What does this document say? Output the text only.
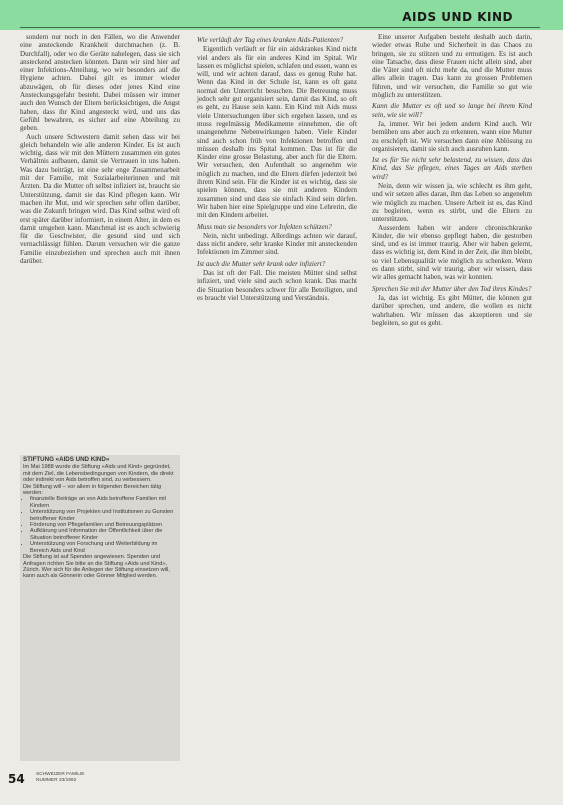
AIDS UND KIND

sondern nur noch in den Fällen, wo die Anwender eine ansteckende Krankheit durchmachen (z. B. Durchfall), oder wo die Geräte nahelegen, dass sie sich ansteckend anstecken könnten. Dann wir sind hier auf einer Infektions-Abteilung, wo wir besonders auf die Hygiene achten. Dabei gilt es immer wieder abzuwägen, ob für dieses oder jenes Kind eine Ansteckungsgefahr besteht. Dabei müssen wir immer auch den Wunsch der Eltern berücksichtigen, die Angst haben, dass ihr Kind angesteckt wird, und uns das Gefühl bewahren, es sicher auf eine Abteilung zu geben.

Auch unsere Schwestern damit sehen dass wir bei gleich behandeln wie alle anderen Kinder. Es ist auch wichtig, dass wir mit den Müttern zusammen ein gutes Verhältnis aufbauen, damit sie Vertrauen in uns haben. Was dazu beiträgt, ist eine sehr enge Zusammenarbeit mit der Familie, mit Sozialarbeiterinnen und mit Ärzten. Da die Mutter oft selbst infiziert ist, braucht sie Unterstützung, damit sie das Kind pflegen kann. Wir machen ihr Mut, und wir sprechen sehr offen darüber, was die Zukunft bringen wird. Das Kind selbst wird oft erst später darüber informiert, in einem Alter, in dem es damit umgehen kann. Manchmal ist es auch schwierig für die Geschwister, die gesund sind und sich vernachlässigt fühlen. Darum versuchen wir die ganze Familie einzubeziehen und sprechen auch mit ihnen darüber.

Wie verläuft der Tag eines kranken Aids-Patienten?

Eigentlich verläuft er für ein aidskrankes Kind nicht viel anders als für ein anderes Kind im Spital. Wir lassen es möglichst spielen, schlafen und essen, wann es will, und wir achten darauf, dass es genug Ruhe hat. Wenn das Kind in der Schule ist, kann es oft ganz normal den Unterricht besuchen. Die Betreuung muss jedoch sehr gut organisiert sein, damit das Kind, so oft es geht, zu Hause sein kann. Ein Kind mit Aids muss viele Untersuchungen über sich ergehen lassen, und es muss regelmässig Medikamente einnehmen, die oft unangenehme Nebenwirkungen haben. Viele Kinder sind auch schon früh von Infektionen betroffen und müssen deshalb ins Spital kommen. Das ist für die Kinder eine grosse Belastung, aber auch für die Eltern. Wir versuchen, den Aufenthalt so angenehm wie möglich zu machen, und die Eltern dürfen jederzeit bei ihrem Kind sein. Für die Kinder ist es wichtig, dass sie spielen können, dass sie mit anderen Kindern zusammen sind und dass sie einfach Kind sein dürfen. Wir haben hier eine Spielgruppe und eine Lehrerin, die mit den Kindern arbeitet.

Muss man sie besonders vor Infekten schützen?

Nein, nicht unbedingt. Allerdings achten wir darauf, dass nicht andere, sehr kranke Kinder mit ansteckenden Infektionen im Zimmer sind.

Ist auch die Mutter sehr krank oder infiziert?

Das ist oft der Fall. Die meisten Mütter sind selbst infiziert, und viele sind auch schon krank. Das macht die Situation besonders schwer für alle Beteiligten, und es braucht viel Unterstützung und Verständnis.

Eine unserer Aufgaben besteht deshalb auch darin, wieder etwas Ruhe und Sicherheit in das Chaos zu bringen, sie zu stützen und zu ermutigen. Es ist auch eine Tatsache, dass diese Frauen nicht allein sind, aber die Väter sind oft nicht mehr da, und die Mutter muss alles allein tragen. Das kann zu grossen Problemen führen, und wir versuchen, die Familie so gut wie möglich zu unterstützen.

Kann die Mutter es oft und so lange bei ihrem Kind sein, wie sie will?

Ja, immer. Wir bei jedem andern Kind auch. Wir bemühen uns aber auch zu erkennen, wann eine Mutter zu erschöpft ist. Wir versuchen dann eine Ablösung zu organisieren, damit sie sich auch ausruhen kann.

Ist es für Sie nicht sehr belastend, zu wissen, dass das Kind, das Sie pflegen, eines Tages an Aids sterben wird?

Nein, denn wir wissen ja, wie schlecht es ihm geht, und wir setzen alles daran, ihm das Leben so angenehm wie möglich zu machen. Unsere Arbeit ist es, das Kind zu begleiten, wenn es stirbt, und die Eltern zu unterstützen.

Ausserdem haben wir andere chronischkranke Kinder, die wir ebenso gepflegt haben, die gestorben sind, und es ist immer traurig. Aber wir haben gelernt, dass es wichtig ist, dem Kind in der Zeit, die ihm bleibt, so viel Lebensqualität wie möglich zu schenken. Wenn es dann stirbt, sind wir traurig, aber wir wissen, dass wir alles gemacht haben, was wir konnten.

Sprechen Sie mit der Mutter über den Tod ihres Kindes?

Ja, das ist wichtig. Es gibt Mütter, die können gut darüber sprechen, und andere, die wollen es nicht wahrhaben. Wir müssen das akzeptieren und sie begleiten, so gut es geht.

STIFTUNG «AIDS UND KIND»

Im Mai 1988 wurde die Stiftung «Aids und Kind» gegründet, mit dem Ziel, die Lebensbedingungen von Kindern, die direkt oder indirekt von Aids betroffen sind, zu verbessern.

Die Stiftung will – vor allem in folgenden Bereichen tätig werden:

• finanzielle Beiträge an von Aids betroffene Familien mit Kindern
• Unterstützung von Projekten und Institutionen zu Gunsten betroffener Kinder
• Förderung von Pflegefamilien und Betreuungsplätzen
• Aufklärung und Information der Öffentlichkeit über die Situation betroffener Kinder
• Unterstützung von Forschung und Weiterbildung im Bereich Aids und Kind

Die Stiftung ist auf Spenden angewiesen. Spenden und Anfragen richten Sie bitte an die Stiftung «Aids und Kind», Zürich. Wer sich für die Anliegen der Stiftung einsetzen will, kann auch als Gönnerin oder Gönner Mitglied werden.

54 SCHWEIZER FAMILIE
NUMMER 33/1992
